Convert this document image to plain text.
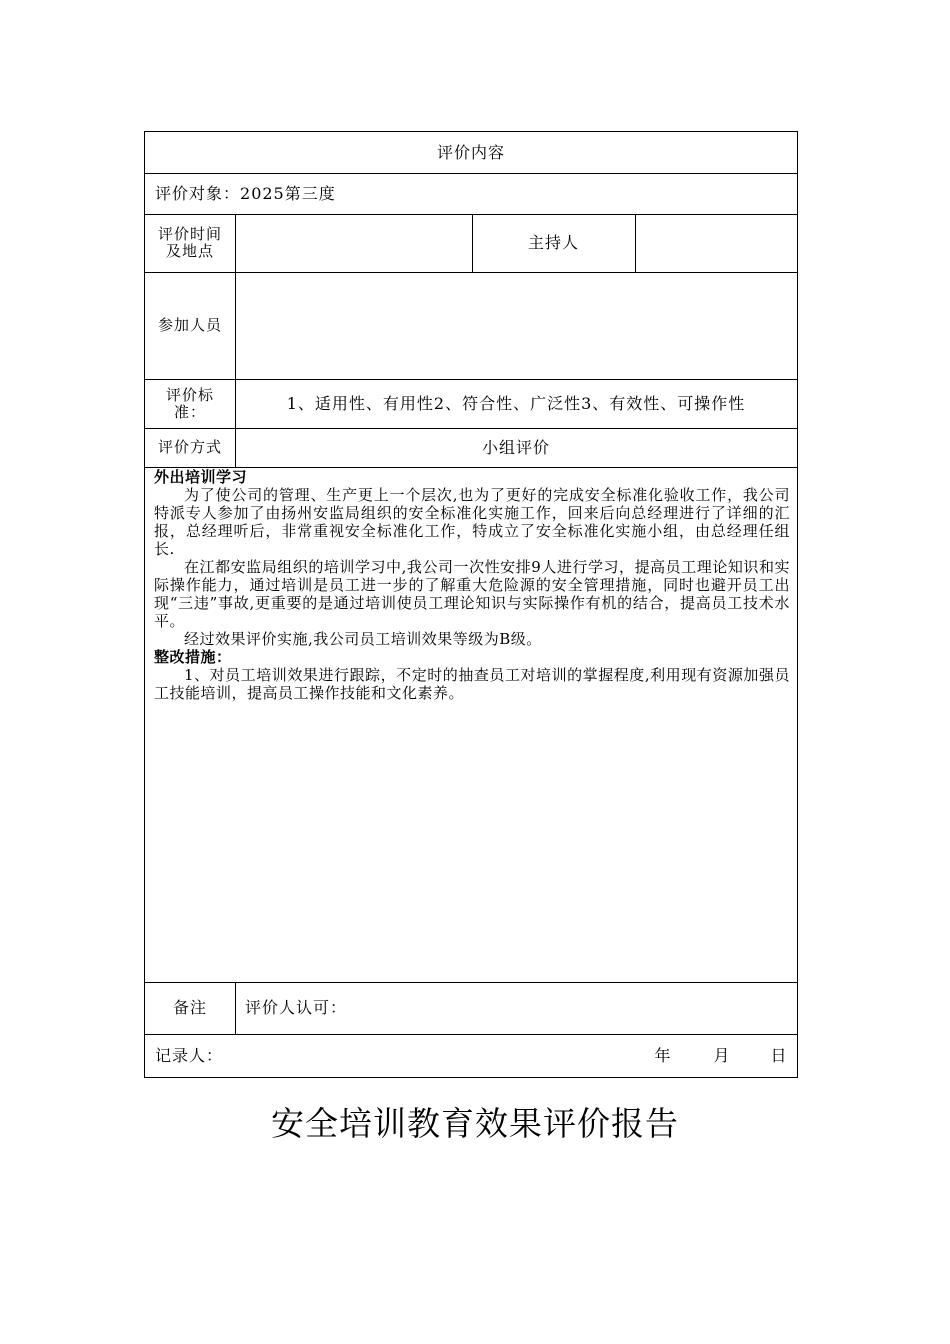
评价内容
评价对象： 2025第三度
评价时间及地点	主持人
参加人员
评价标准：	1、适用性、有用性2、符合性、广泛性3、有效性、可操作性
评价方式	小组评价
外出培训学习

为了使公司的管理、生产更上一个层次,也为了更好的完成安全标准化验收工作，我公司特派专人参加了由扬州安监局组织的安全标准化实施工作，回来后向总经理进行了详细的汇报，总经理听后，非常重视安全标准化工作，特成立了安全标准化实施小组，由总经理任组长.

在江都安监局组织的培训学习中,我公司一次性安排9人进行学习，提高员工理论知识和实际操作能力，通过培训是员工进一步的了解重大危险源的安全管理措施，同时也避开员工出现“三违”事故,更重要的是通过培训使员工理论知识与实际操作有机的结合，提高员工技术水平。

经过效果评价实施,我公司员工培训效果等级为B级。

整改措施：

1、对员工培训效果进行跟踪，不定时的抽查员工对培训的掌握程度,利用现有资源加强员工技能培训，提高员工操作技能和文化素养。

备注	评价人认可：
记录人：	年	月	日
安全培训教育效果评价报告
